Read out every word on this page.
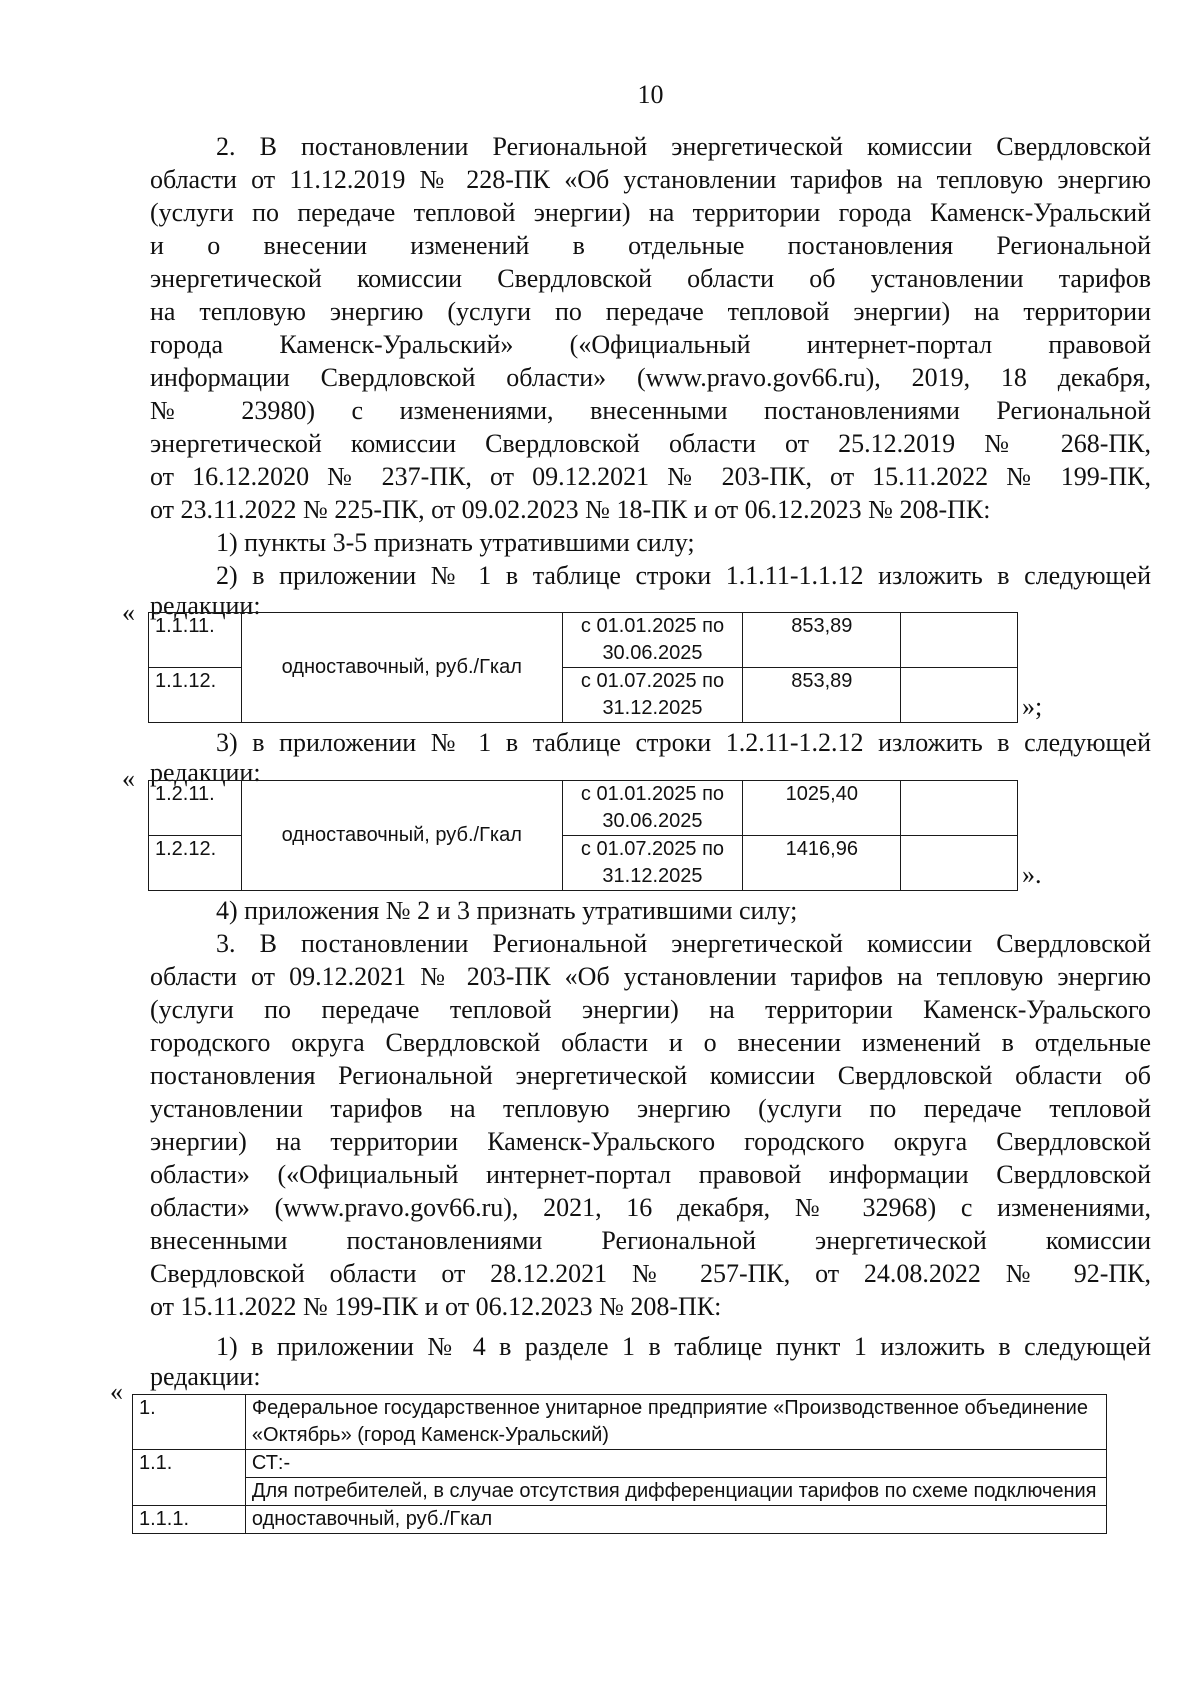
10
2. В постановлении Региональной энергетической комиссии Свердловской
области от 11.12.2019 № 228-ПК «Об установлении тарифов на тепловую энергию
(услуги по передаче тепловой энергии) на территории города Каменск-Уральский
и о внесении изменений в отдельные постановления Региональной
энергетической комиссии Свердловской области об установлении тарифов
на тепловую энергию (услуги по передаче тепловой энергии) на территории
города Каменск-Уральский» («Официальный интернет-портал правовой
информации Свердловской области» (www.pravo.gov66.ru), 2019, 18 декабря,
№ 23980) с изменениями, внесенными постановлениями Региональной
энергетической комиссии Свердловской области от 25.12.2019 № 268-ПК,
от 16.12.2020 № 237-ПК, от 09.12.2021 № 203-ПК, от 15.11.2022 № 199-ПК,
от 23.11.2022 № 225-ПК, от 09.02.2023 № 18-ПК и от 06.12.2023 № 208-ПК:
1) пункты 3-5 признать утратившими силу;
2) в приложении № 1 в таблице строки 1.1.11-1.1.12 изложить в следующей
редакции:
« 1.1.11.	одноставочный, руб./Гкал	с 01.01.2025 по 30.06.2025	853,89	
1.1.12.		с 01.07.2025 по 31.12.2025	853,89	
»;
3) в приложении № 1 в таблице строки 1.2.11-1.2.12 изложить в следующей
редакции:
«
1.2.11.	одноставочный, руб./Гкал	с 01.01.2025 по 30.06.2025	1025,40	
1.2.12.		с 01.07.2025 по 31.12.2025	1416,96	
».
4) приложения № 2 и 3 признать утратившими силу;
3. В постановлении Региональной энергетической комиссии Свердловской
области от 09.12.2021 № 203-ПК «Об установлении тарифов на тепловую энергию
(услуги по передаче тепловой энергии) на территории Каменск-Уральского
городского округа Свердловской области и о внесении изменений в отдельные
постановления Региональной энергетической комиссии Свердловской области об
установлении тарифов на тепловую энергию (услуги по передаче тепловой
энергии) на территории Каменск-Уральского городского округа Свердловской
области» («Официальный интернет-портал правовой информации Свердловской
области» (www.pravo.gov66.ru), 2021, 16 декабря, № 32968) с изменениями,
внесенными постановлениями Региональной энергетической комиссии
Свердловской области от 28.12.2021 № 257-ПК, от 24.08.2022 № 92-ПК,
от 15.11.2022 № 199-ПК и от 06.12.2023 № 208-ПК:
1) в приложении № 4 в разделе 1 в таблице пункт 1 изложить в следующей
редакции:
«
1.	Федеральное государственное унитарное предприятие «Производственное объединение «Октябрь» (город Каменск-Уральский)
1.1.	СТ:-
	Для потребителей, в случае отсутствия дифференциации тарифов по схеме подключения
1.1.1.	одноставочный, руб./Гкал
